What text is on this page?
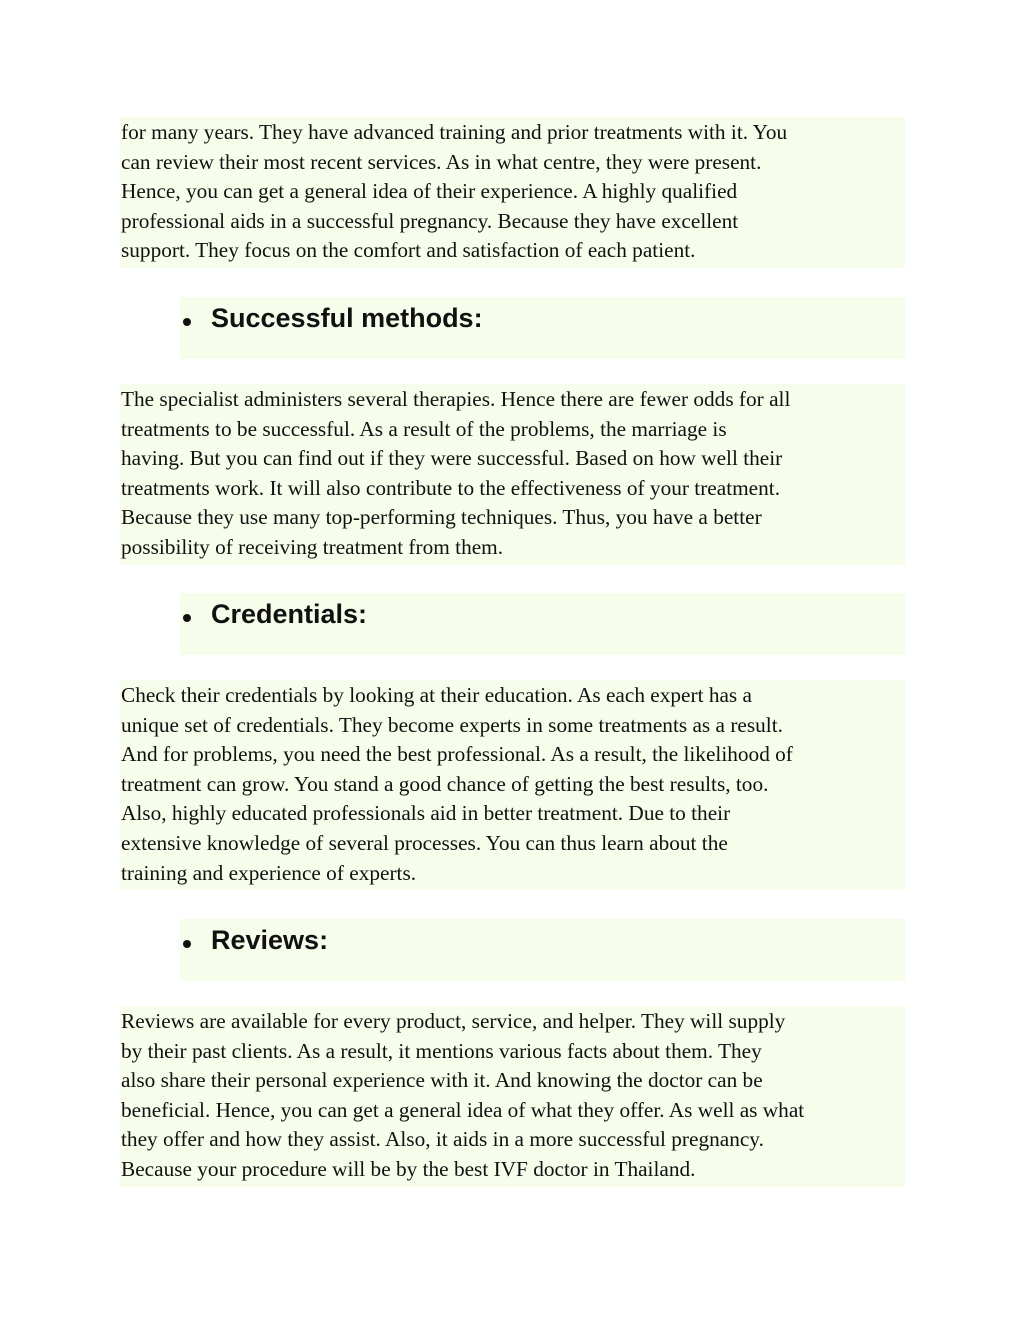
for many years. They have advanced training and prior treatments with it. You
can review their most recent services. As in what centre, they were present.
Hence, you can get a general idea of their experience. A highly qualified
professional aids in a successful pregnancy. Because they have excellent
support. They focus on the comfort and satisfaction of each patient.
Successful methods:
The specialist administers several therapies. Hence there are fewer odds for all
treatments to be successful. As a result of the problems, the marriage is
having. But you can find out if they were successful. Based on how well their
treatments work. It will also contribute to the effectiveness of your treatment.
Because they use many top-performing techniques. Thus, you have a better
possibility of receiving treatment from them.
Credentials:
Check their credentials by looking at their education. As each expert has a
unique set of credentials. They become experts in some treatments as a result.
And for problems, you need the best professional. As a result, the likelihood of
treatment can grow. You stand a good chance of getting the best results, too.
Also, highly educated professionals aid in better treatment. Due to their
extensive knowledge of several processes. You can thus learn about the
training and experience of experts.
Reviews:
Reviews are available for every product, service, and helper. They will supply
by their past clients. As a result, it mentions various facts about them. They
also share their personal experience with it. And knowing the doctor can be
beneficial. Hence, you can get a general idea of what they offer. As well as what
they offer and how they assist. Also, it aids in a more successful pregnancy.
Because your procedure will be by the best IVF doctor in Thailand.
